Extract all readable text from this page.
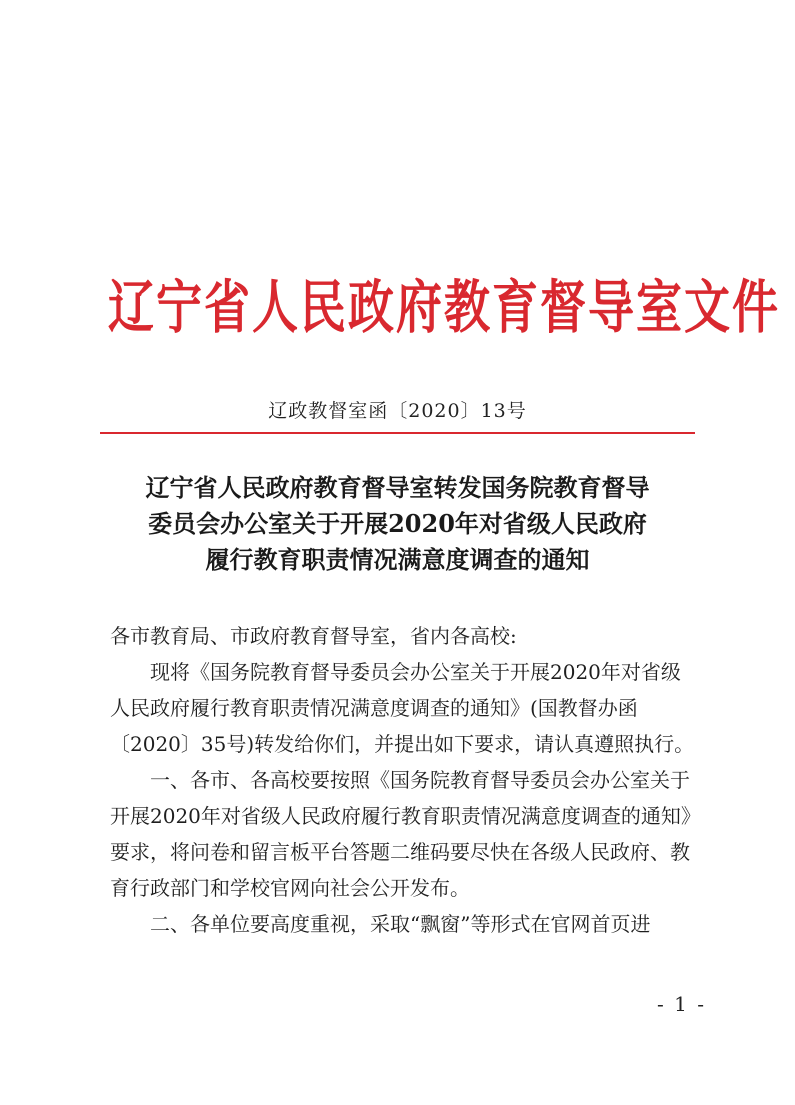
辽宁省人民政府教育督导室文件
辽政教督室函〔2020〕13号
辽宁省人民政府教育督导室转发国务院教育督导
委员会办公室关于开展2020年对省级人民政府
履行教育职责情况满意度调查的通知

各市教育局、市政府教育督导室，省内各高校:

现将《国务院教育督导委员会办公室关于开展2020年对省级人民政府履行教育职责情况满意度调查的通知》(国教督办函〔2020〕35号)转发给你们，并提出如下要求，请认真遵照执行。

一、各市、各高校要按照《国务院教育督导委员会办公室关于开展2020年对省级人民政府履行教育职责情况满意度调查的通知》要求，将问卷和留言板平台答题二维码要尽快在各级人民政府、教育行政部门和学校官网向社会公开发布。

二、各单位要高度重视，采取“飘窗”等形式在官网首页进

- 1 -
